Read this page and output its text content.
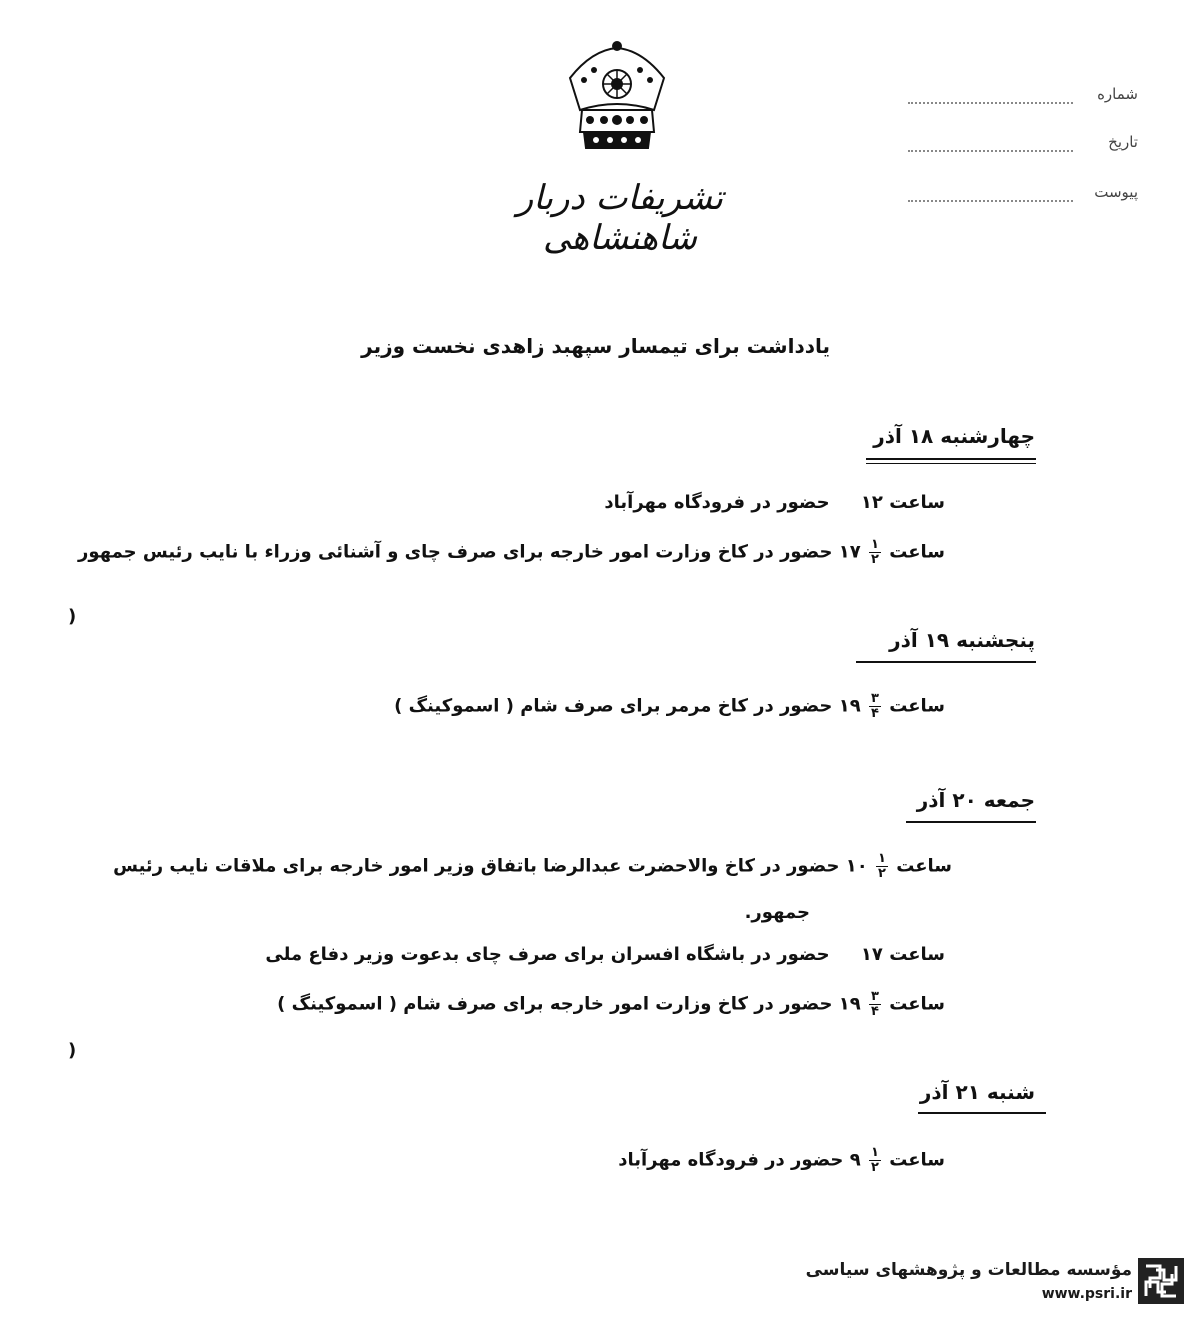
تشریفات دربار شاهنشاهی
شماره
تاریخ
پیوست
یادداشت برای تیمسار سپهبد زاهدی نخست وزیر
چهارشنبه ۱۸ آذر
ساعت ۱۲     حضور در فرودگاه مهرآباد
ساعت
$\frac{۱}{۲}$
۱۷ حضور در کاخ وزارت امور خارجه برای صرف چای و آشنائی وزراء با نایب رئیس جمهور
)
پنجشنبه ۱۹ آذر
ساعت
$\frac{۳}{۴}$
۱۹ حضور در کاخ مرمر برای صرف شام ( اسموکینگ )
جمعه ۲۰ آذر
ساعت
$\frac{۱}{۲}$
۱۰ حضور در کاخ والاحضرت عبدالرضا باتفاق وزیر امور خارجه برای ملاقات نایب رئیس
جمهور.
ساعت ۱۷     حضور در باشگاه افسران برای صرف چای بدعوت وزیر دفاع ملی
ساعت
$\frac{۳}{۴}$
۱۹ حضور در کاخ وزارت امور خارجه برای صرف شام ( اسموکینگ )
)
شنبه ۲۱ آذر
ساعت
$\frac{۱}{۲}$
۹ حضور در فرودگاه مهرآباد
مؤسسه مطالعات و پژوهشهای سیاسی
www.psri.ir
